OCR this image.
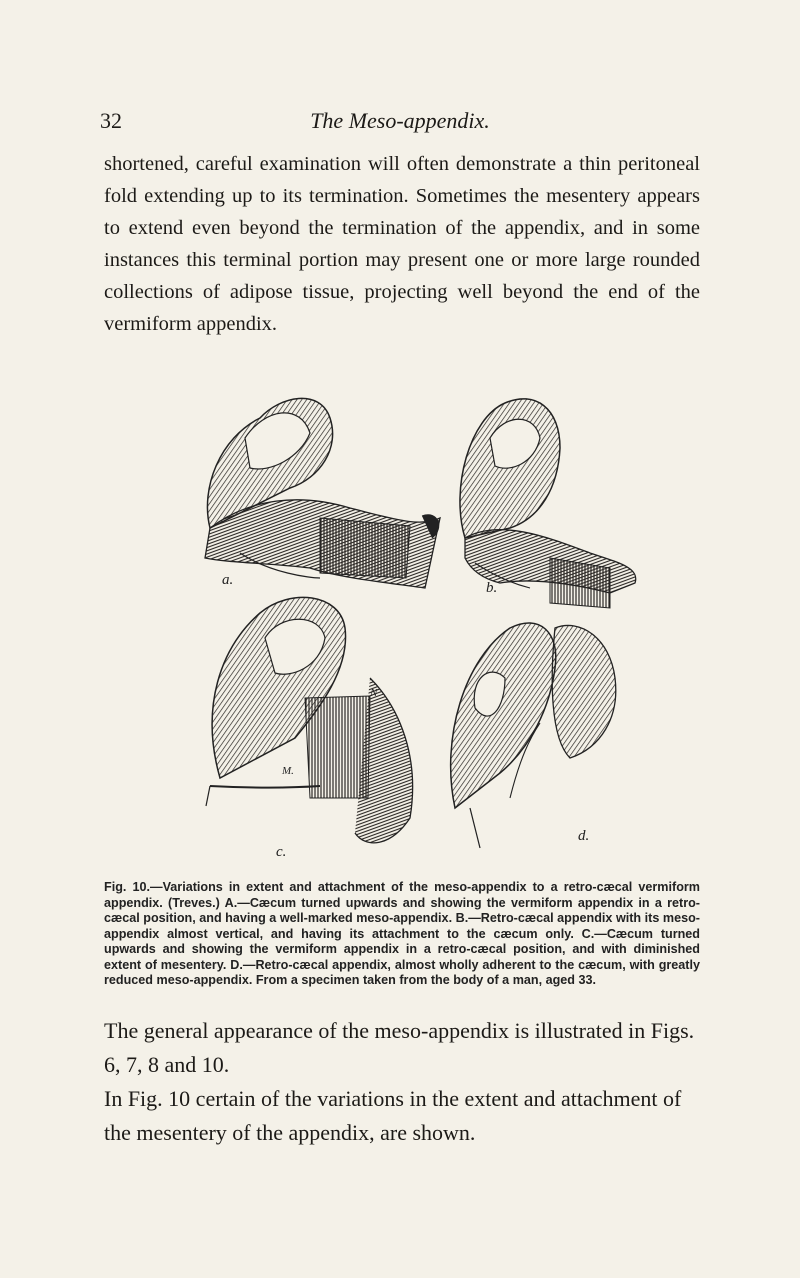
32	The Meso-appendix.

shortened, careful examination will often demonstrate a thin peritoneal fold extending up to its termination. Sometimes the mesentery appears to extend even beyond the termination of the appendix, and in some instances this terminal portion may present one or more large rounded collections of adipose tissue, projecting well beyond the end of the vermiform appendix.

a.	b.
c.
M.
N
d.

Fig. 10.—Variations in extent and attachment of the meso-appendix to a retro-cæcal vermiform appendix. (Treves.) A.—Cæcum turned upwards and showing the vermiform appendix in a retro-cæcal position, and having a well-marked meso-appendix. B.—Retro-cæcal appendix with its meso-appendix almost vertical, and having its attachment to the cæcum only. C.—Cæcum turned upwards and showing the vermiform appendix in a retro-cæcal position, and with diminished extent of mesentery. D.—Retro-cæcal appendix, almost wholly adherent to the cæcum, with greatly reduced meso-appendix. From a specimen taken from the body of a man, aged 33.

The general appearance of the meso-appendix is illustrated in Figs. 6, 7, 8 and 10.

In Fig. 10 certain of the variations in the extent and attachment of the mesentery of the appendix, are shown.
